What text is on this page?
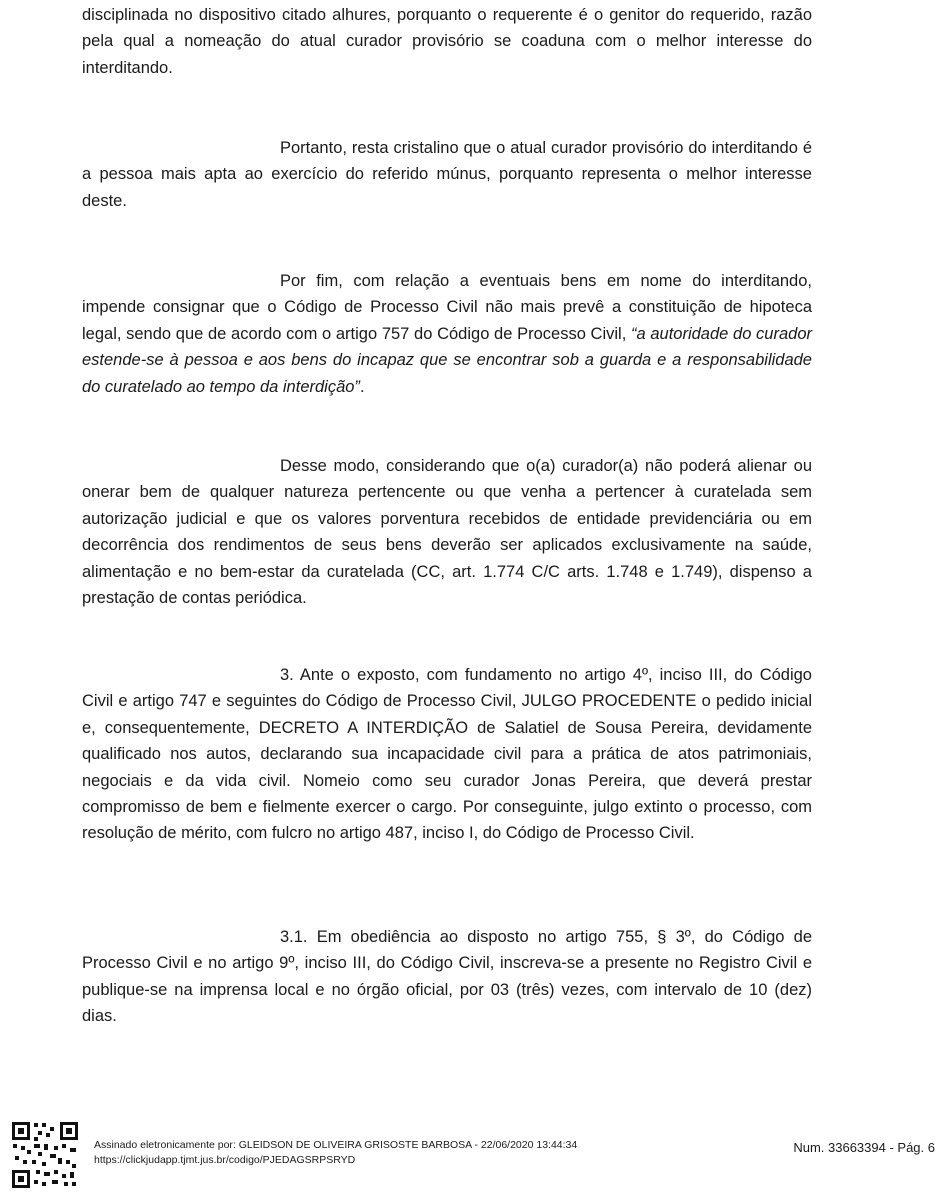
disciplinada no dispositivo citado alhures, porquanto o requerente é o genitor do requerido, razão pela qual a nomeação do atual curador provisório se coaduna com o melhor interesse do interditando.

Portanto, resta cristalino que o atual curador provisório do interditando é a pessoa mais apta ao exercício do referido múnus, porquanto representa o melhor interesse deste.

Por fim, com relação a eventuais bens em nome do interditando, impende consignar que o Código de Processo Civil não mais prevê a constituição de hipoteca legal, sendo que de acordo com o artigo 757 do Código de Processo Civil, “a autoridade do curador estende-se à pessoa e aos bens do incapaz que se encontrar sob a guarda e a responsabilidade do curatelado ao tempo da interdição”.

Desse modo, considerando que o(a) curador(a) não poderá alienar ou onerar bem de qualquer natureza pertencente ou que venha a pertencer à curatelada sem autorização judicial e que os valores porventura recebidos de entidade previdenciária ou em decorrência dos rendimentos de seus bens deverão ser aplicados exclusivamente na saúde, alimentação e no bem-estar da curatelada (CC, art. 1.774 C/C arts. 1.748 e 1.749), dispenso a prestação de contas periódica.

3. Ante o exposto, com fundamento no artigo 4º, inciso III, do Código Civil e artigo 747 e seguintes do Código de Processo Civil, JULGO PROCEDENTE o pedido inicial e, consequentemente, DECRETO A INTERDIÇÃO de Salatiel de Sousa Pereira, devidamente qualificado nos autos, declarando sua incapacidade civil para a prática de atos patrimoniais, negociais e da vida civil. Nomeio como seu curador Jonas Pereira, que deverá prestar compromisso de bem e fielmente exercer o cargo. Por conseguinte, julgo extinto o processo, com resolução de mérito, com fulcro no artigo 487, inciso I, do Código de Processo Civil.

3.1. Em obediência ao disposto no artigo 755, § 3º, do Código de Processo Civil e no artigo 9º, inciso III, do Código Civil, inscreva-se a presente no Registro Civil e publique-se na imprensa local e no órgão oficial, por 03 (três) vezes, com intervalo de 10 (dez) dias.

Assinado eletronicamente por: GLEIDSON DE OLIVEIRA GRISOSTE BARBOSA - 22/06/2020 13:44:34
https://clickjudapp.tjmt.jus.br/codigo/PJEDAGSRPSRYD
Num. 33663394 - Pág. 6
